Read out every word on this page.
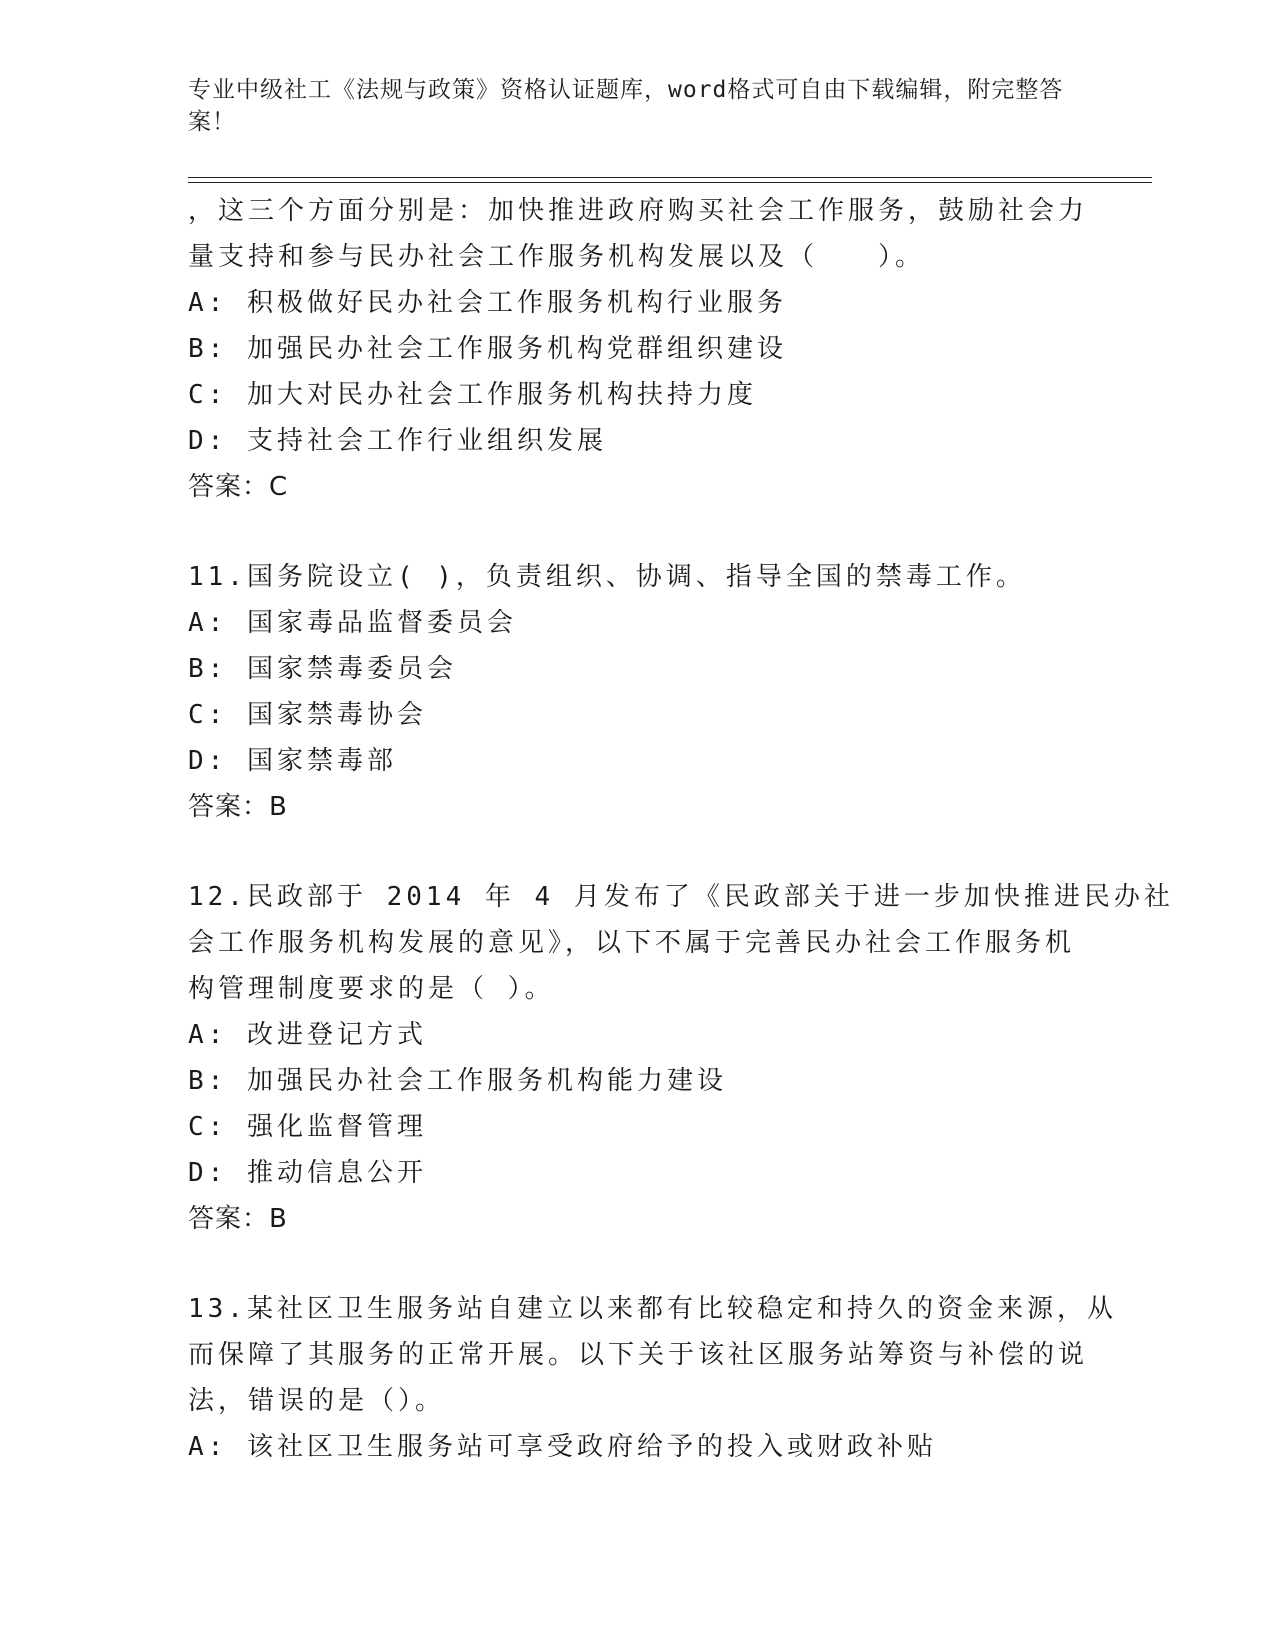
专业中级社工《法规与政策》资格认证题库，word格式可自由下载编辑，附完整答案！
，这三个方面分别是：加快推进政府购买社会工作服务，鼓励社会力
量支持和参与民办社会工作服务机构发展以及（　　）。
A: 积极做好民办社会工作服务机构行业服务
B: 加强民办社会工作服务机构党群组织建设
C: 加大对民办社会工作服务机构扶持力度
D: 支持社会工作行业组织发展
答案：C
11.国务院设立( )，负责组织、协调、指导全国的禁毒工作。
A: 国家毒品监督委员会
B: 国家禁毒委员会
C: 国家禁毒协会
D: 国家禁毒部
答案：B
12.民政部于 2014 年 4 月发布了《民政部关于进一步加快推进民办社
会工作服务机构发展的意见》，以下不属于完善民办社会工作服务机
构管理制度要求的是（ ）。
A: 改进登记方式
B: 加强民办社会工作服务机构能力建设
C: 强化监督管理
D: 推动信息公开
答案：B
13.某社区卫生服务站自建立以来都有比较稳定和持久的资金来源，从
而保障了其服务的正常开展。以下关于该社区服务站筹资与补偿的说
法，错误的是（）。
A: 该社区卫生服务站可享受政府给予的投入或财政补贴
